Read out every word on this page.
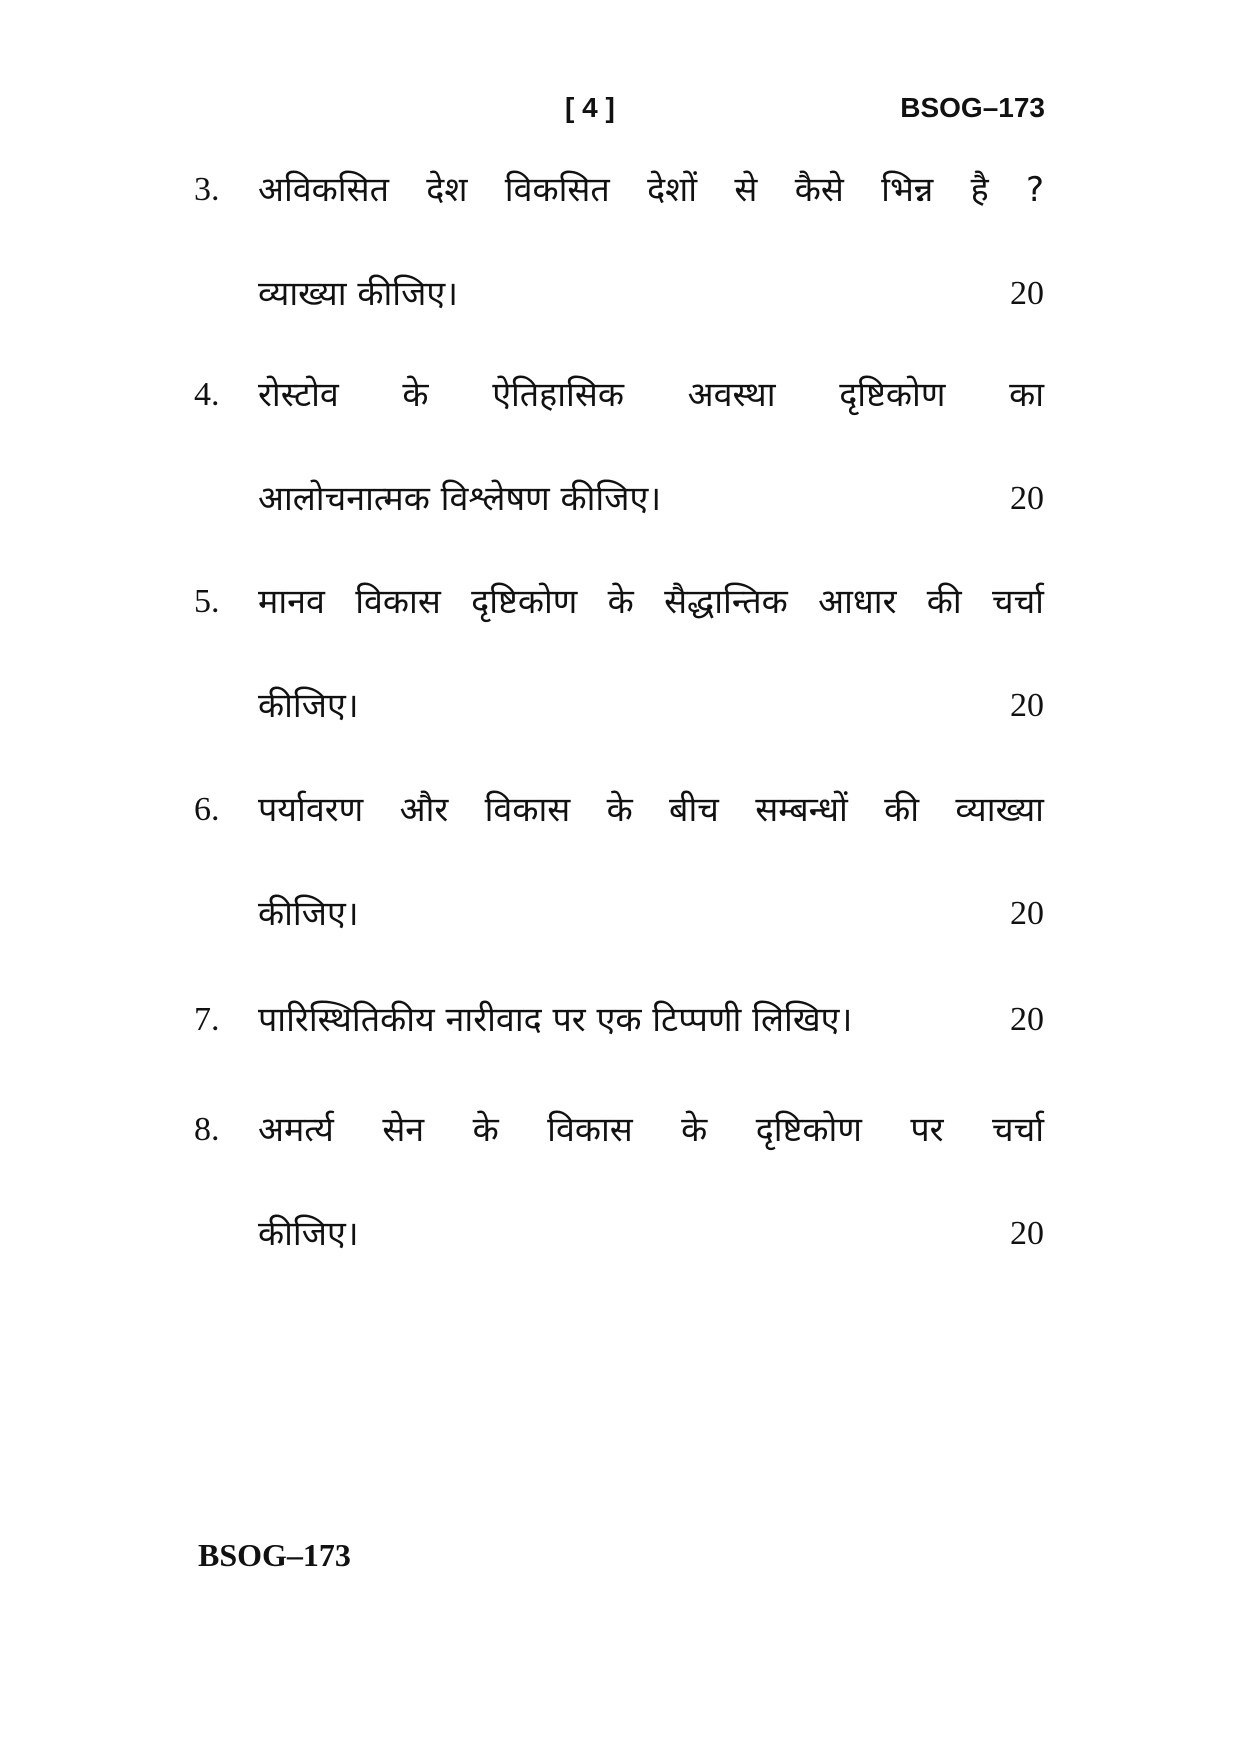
[ 4 ]	BSOG–173
3. अविकसित देश विकसित देशों से कैसे भिन्न है ?
व्याख्या कीजिए।	20
4. रोस्टोव के ऐतिहासिक अवस्था दृष्टिकोण का
आलोचनात्मक विश्लेषण कीजिए।	20
5. मानव विकास दृष्टिकोण के सैद्धान्तिक आधार की चर्चा
कीजिए।	20
6. पर्यावरण और विकास के बीच सम्बन्धों की व्याख्या
कीजिए।	20
7. पारिस्थितिकीय नारीवाद पर एक टिप्पणी लिखिए।	20
8. अमर्त्य सेन के विकास के दृष्टिकोण पर चर्चा
कीजिए।	20
BSOG–173
